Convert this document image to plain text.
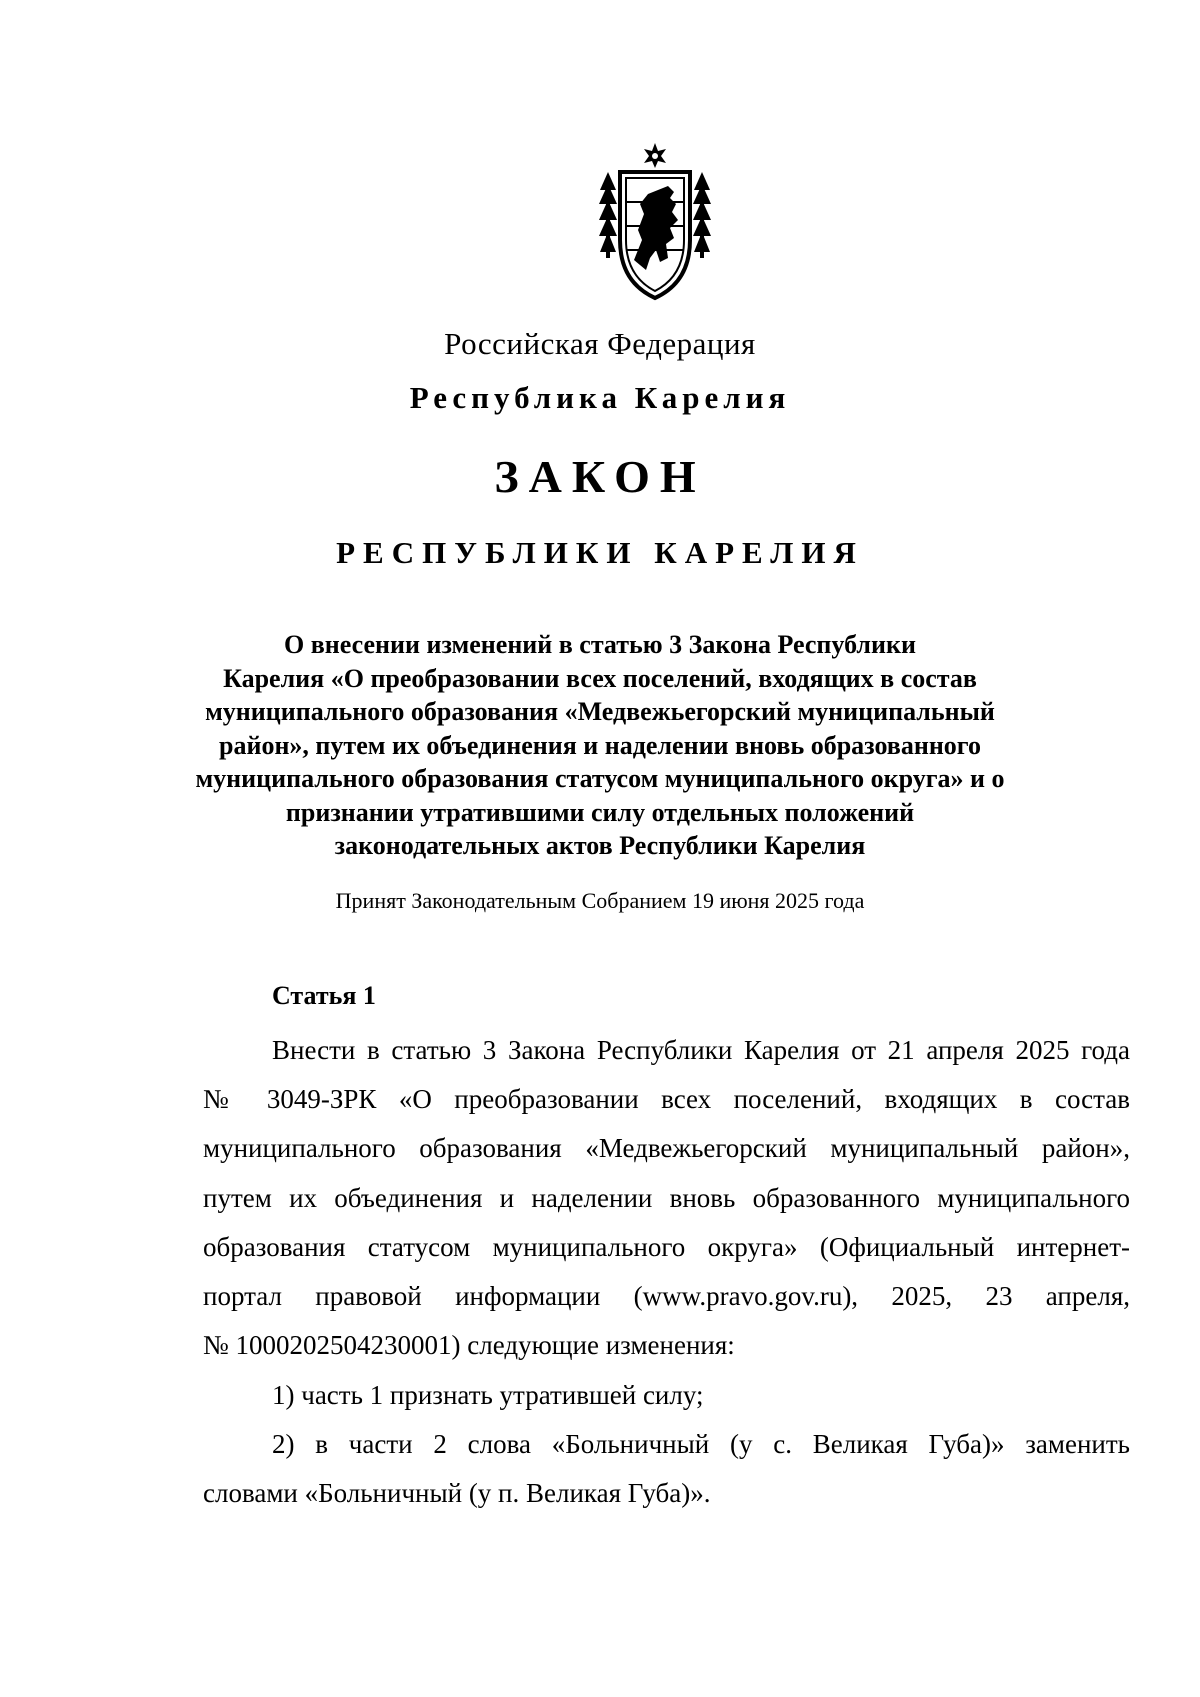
Российская Федерация
Республика Карелия
ЗАКОН
РЕСПУБЛИКИ КАРЕЛИЯ
О внесении изменений в статью 3 Закона Республики
Карелия «О преобразовании всех поселений, входящих в состав
муниципального образования «Медвежьегорский муниципальный
район», путем их объединения и наделении вновь образованного
муниципального образования статусом муниципального округа» и о
признании утратившими силу отдельных положений
законодательных актов Республики Карелия
Принят Законодательным Собранием 19 июня 2025 года
Статья 1
Внести в статью 3 Закона Республики Карелия от 21 апреля 2025 года
№ 3049-ЗРК «О преобразовании всех поселений, входящих в состав
муниципального образования «Медвежьегорский муниципальный район»,
путем их объединения и наделении вновь образованного муниципального
образования статусом муниципального округа» (Официальный интернет-
портал правовой информации (www.pravo.gov.ru), 2025, 23 апреля,
№ 1000202504230001) следующие изменения:
1) часть 1 признать утратившей силу;
2) в части 2 слова «Больничный (у с. Великая Губа)» заменить
словами «Больничный (у п. Великая Губа)».
